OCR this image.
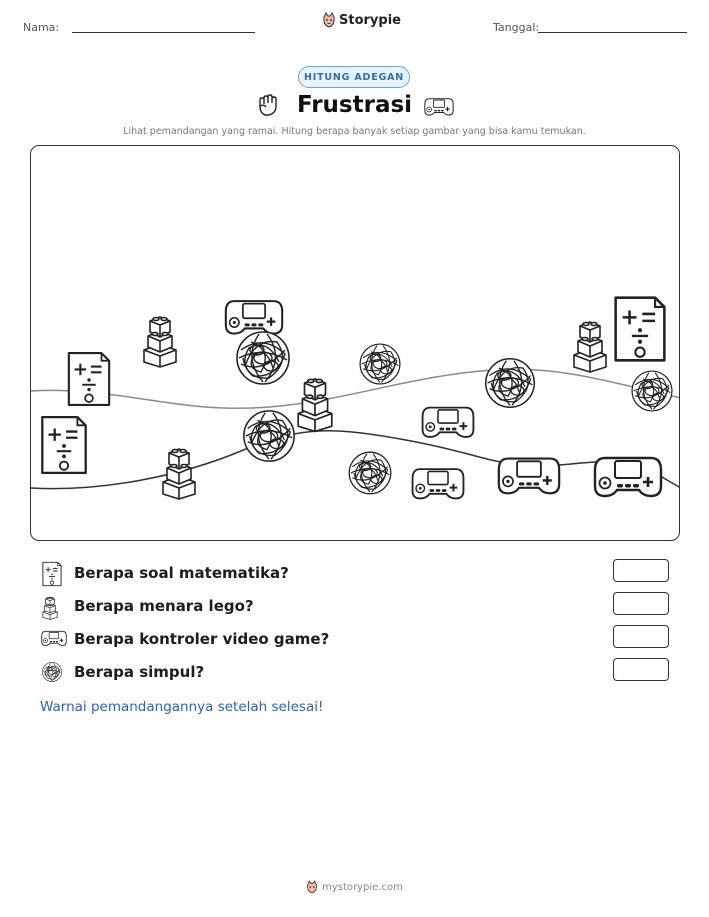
Nama:	Storypie	Tanggal:
HITUNG ADEGAN
Frustrasi
Lihat pemandangan yang ramai. Hitung berapa banyak setiap gambar yang bisa kamu temukan.
Berapa soal matematika?
Berapa menara lego?
Berapa kontroler video game?
Berapa simpul?
Warnai pemandangannya setelah selesai!
mystorypie.com
